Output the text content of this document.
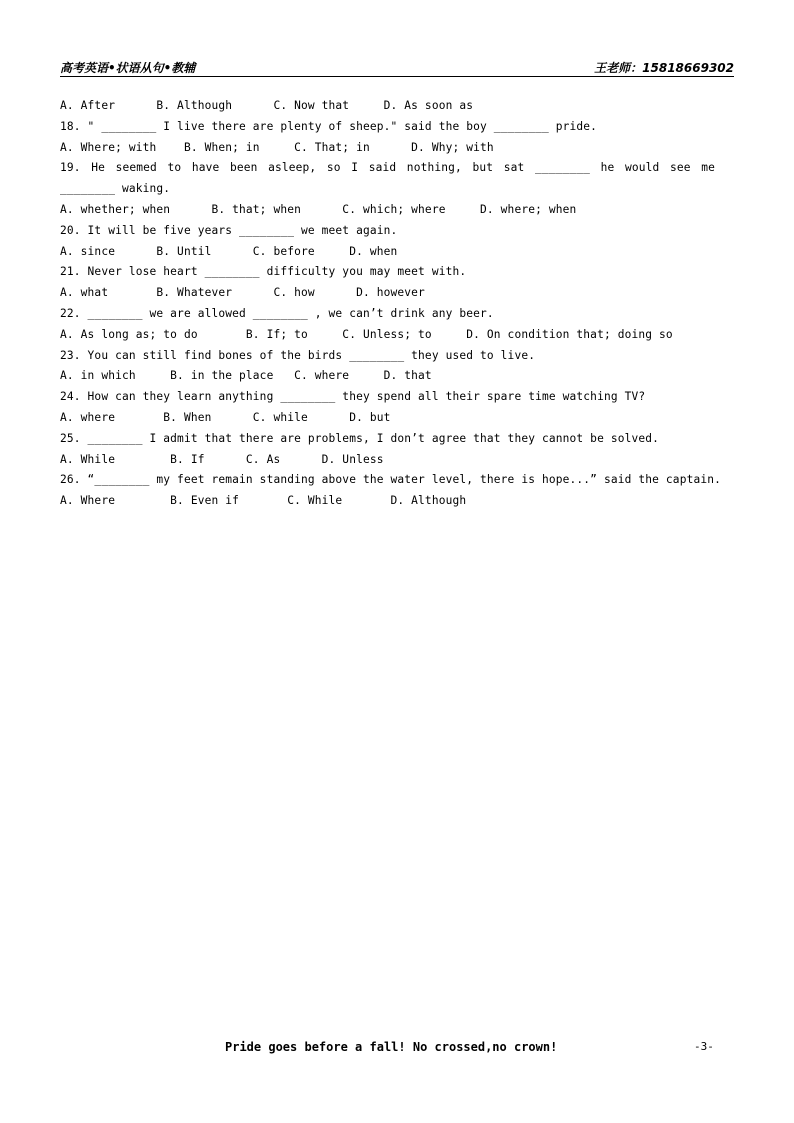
高考英语•状语从句•教辅	王老师：15818669302
A. After      B. Although      C. Now that     D. As soon as
18. " ________ I live there are plenty of sheep." said the boy ________ pride.
A. Where; with    B. When; in     C. That; in      D. Why; with
19. He seemed to have been asleep, so I said nothing, but sat ________ he would see me
________ waking.
A. whether; when      B. that; when      C. which; where     D. where; when
20. It will be five years ________ we meet again.
A. since      B. Until      C. before     D. when
21. Never lose heart ________ difficulty you may meet with.
A. what       B. Whatever      C. how      D. however
22. ________ we are allowed ________ , we can’t drink any beer.
A. As long as; to do       B. If; to     C. Unless; to     D. On condition that; doing so
23. You can still find bones of the birds ________ they used to live.
A. in which     B. in the place   C. where     D. that
24. How can they learn anything ________ they spend all their spare time watching TV?
A. where       B. When      C. while      D. but
25. ________ I admit that there are problems, I don’t agree that they cannot be solved.
A. While        B. If      C. As      D. Unless
26. “________ my feet remain standing above the water level, there is hope...” said the captain.
A. Where        B. Even if       C. While       D. Although
Pride goes before a fall! No crossed,no crown!	-3-
